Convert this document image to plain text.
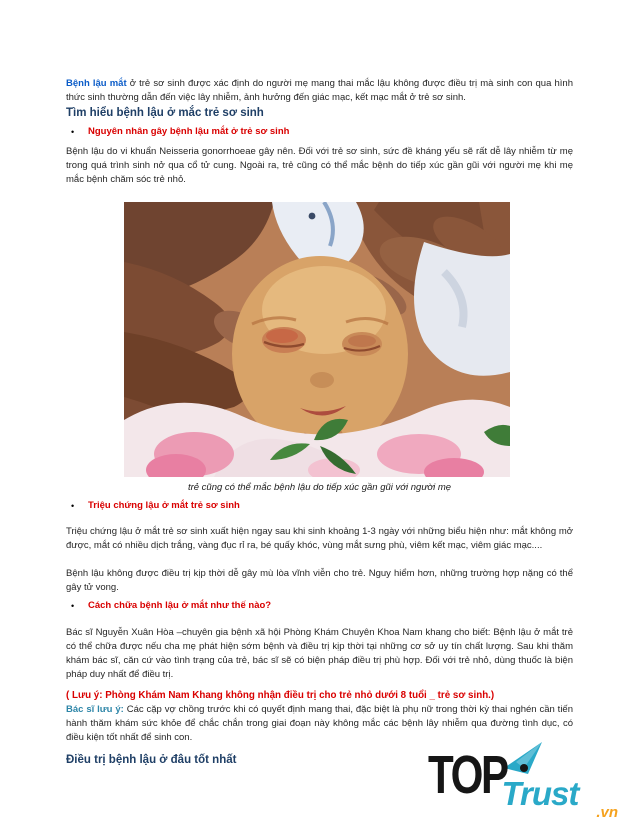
Bệnh lậu mắt ở trẻ sơ sinh được xác định do người mẹ mang thai mắc lậu không được điều trị mà sinh con qua hình thức sinh thường dẫn đến việc lây nhiễm, ảnh hưởng đến giác mạc, kết mạc mắt ở trẻ sơ sinh.

Tìm hiểu bệnh lậu ở mắc trẻ sơ sinh
•	Nguyên nhân gây bệnh lậu mắt ở trẻ sơ sinh

Bệnh lậu do vi khuẩn Neisseria gonorrhoeae gây nên. Đối với trẻ sơ sinh, sức đề kháng yếu sẽ rất dễ lây nhiễm từ mẹ trong quá trình sinh nở qua cổ tử cung. Ngoài ra, trẻ cũng có thể mắc bệnh do tiếp xúc gần gũi với người mẹ khi mẹ mắc bệnh chăm sóc trẻ nhỏ.

trẻ cũng có thể mắc bệnh lậu do tiếp xúc gần gũi với người mẹ
•	Triệu chứng lậu ở mắt trẻ sơ sinh

Triệu chứng lậu ở mắt trẻ sơ sinh xuất hiện ngay sau khi sinh khoảng 1-3 ngày với những biểu hiện như: mắt không mở được, mắt có nhiều dịch trắng, vàng đục rỉ ra, bé quấy khóc, vùng mắt sưng phù, viêm kết mạc, viêm giác mạc....

Bệnh lậu không được điều trị kịp thời dễ gây mù lòa vĩnh viễn cho trẻ. Nguy hiểm hơn, những trường hợp nặng có thể gây tử vong.

•	Cách chữa bệnh lậu ở mắt như thế nào?

Bác sĩ Nguyễn Xuân Hòa –chuyên gia bệnh xã hội Phòng Khám Chuyên Khoa Nam khang cho biết: Bệnh lậu ở mắt trẻ có thể chữa được nếu cha mẹ phát hiện sớm bệnh và điều trị kịp thời tại những cơ sở uy tín chất lượng. Sau khi thăm khám bác sĩ, căn cứ vào tình trạng của trẻ, bác sĩ sẽ có biện pháp điều trị phù hợp. Đối với trẻ nhỏ, dùng thuốc là biện pháp duy nhất để điều trị.

( Lưu ý: Phòng Khám Nam Khang không nhận điều trị cho trẻ nhỏ dưới 8 tuổi _ trẻ sơ sinh.)

Bác sĩ lưu ý: Các cặp vợ chồng trước khi có quyết định mang thai, đặc biệt là phụ nữ trong thời kỳ thai nghén cần tiến hành thăm khám sức khỏe để chắc chắn trong giai đoạn này không mắc các bệnh lây nhiễm qua đường tình dục, có điều kiện tốt nhất để sinh con.

Điều trị bệnh lậu ở đâu tốt nhất	TOP Trust
.vn
